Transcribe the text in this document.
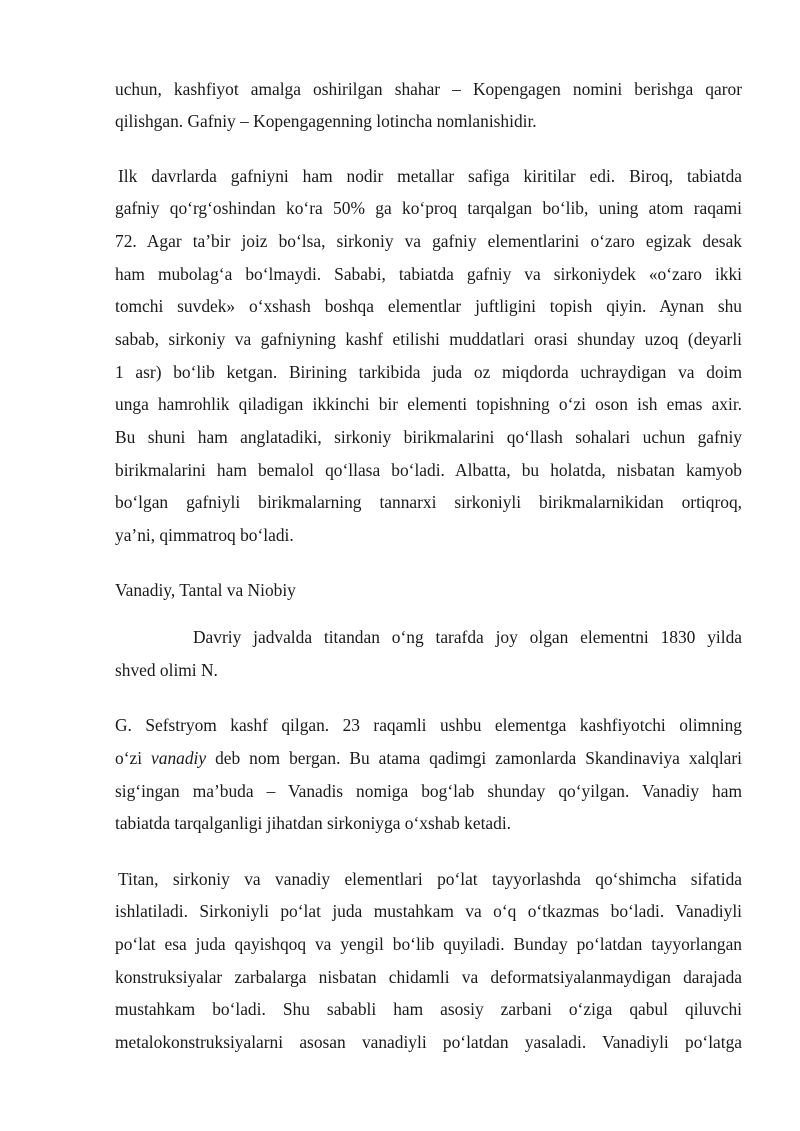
uchun, kashfiyot amalga oshirilgan shahar – Kopengagen nomini berishga qaror
qilishgan. Gafniy – Kopengagenning lotincha nomlanishidir.
Ilk davrlarda gafniyni ham nodir metallar safiga kiritilar edi. Biroq, tabiatda
gafniy qo‘rg‘oshindan ko‘ra 50% ga ko‘proq tarqalgan bo‘lib, uning atom raqami
72. Agar ta’bir joiz bo‘lsa, sirkoniy va gafniy elementlarini o‘zaro egizak desak
ham mubolag‘a bo‘lmaydi. Sababi, tabiatda gafniy va sirkoniydek «o‘zaro ikki
tomchi suvdek» o‘xshash boshqa elementlar juftligini topish qiyin. Aynan shu
sabab, sirkoniy va gafniyning kashf etilishi muddatlari orasi shunday uzoq (deyarli
1 asr) bo‘lib ketgan. Birining tarkibida juda oz miqdorda uchraydigan va doim
unga hamrohlik qiladigan ikkinchi bir elementi topishning o‘zi oson ish emas axir.
Bu shuni ham anglatadiki, sirkoniy birikmalarini qo‘llash sohalari uchun gafniy
birikmalarini ham bemalol qo‘llasa bo‘ladi. Albatta, bu holatda, nisbatan kamyob
bo‘lgan gafniyli birikmalarning tannarxi sirkoniyli birikmalarnikidan ortiqroq,
ya’ni, qimmatroq bo‘ladi.
Vanadiy, Tantal va Niobiy
Davriy jadvalda titandan o‘ng tarafda joy olgan elementni 1830 yilda
shved olimi N.
G. Sefstryom kashf qilgan. 23 raqamli ushbu elementga kashfiyotchi olimning
o‘zi vanadiy deb nom bergan. Bu atama qadimgi zamonlarda Skandinaviya xalqlari
sig‘ingan ma’buda – Vanadis nomiga bog‘lab shunday qo‘yilgan. Vanadiy ham
tabiatda tarqalganligi jihatdan sirkoniyga o‘xshab ketadi.
Titan, sirkoniy va vanadiy elementlari po‘lat tayyorlashda qo‘shimcha sifatida
ishlatiladi. Sirkoniyli po‘lat juda mustahkam va o‘q o‘tkazmas bo‘ladi. Vanadiyli
po‘lat esa juda qayishqoq va yengil bo‘lib quyiladi. Bunday po‘latdan tayyorlangan
konstruksiyalar zarbalarga nisbatan chidamli va deformatsiyalanmaydigan darajada
mustahkam bo‘ladi. Shu sababli ham asosiy zarbani o‘ziga qabul qiluvchi
metalokonstruksiyalarni asosan vanadiyli po‘latdan yasaladi. Vanadiyli po‘latga
